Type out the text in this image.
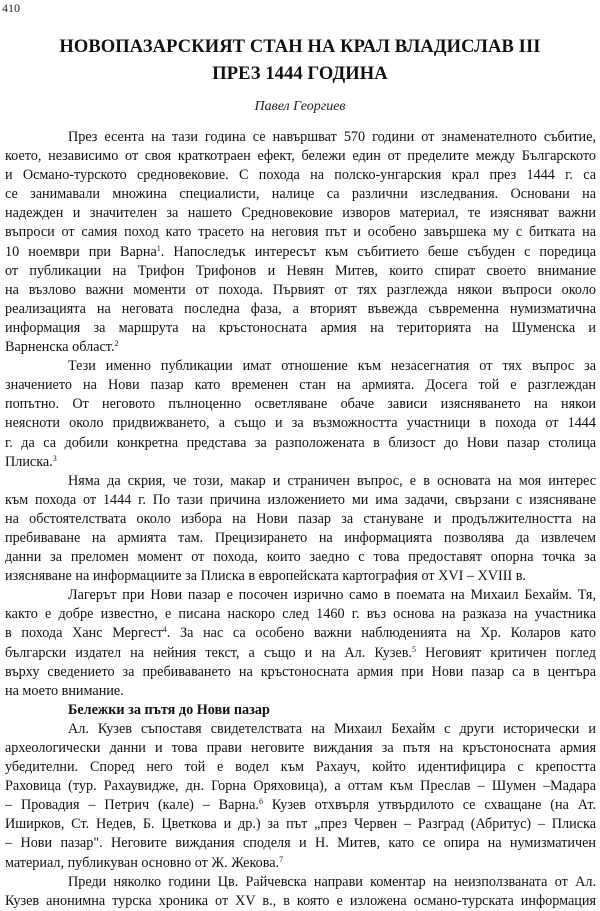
410
НОВОПАЗАРСКИЯТ СТАН НА КРАЛ ВЛАДИСЛАВ III
ПРЕЗ 1444 ГОДИНА
Павел Георгиев
През есента на тази година се навършват 570 години от знаменателното събитие,
което, независимо от своя краткотраен ефект, бележи един от пределите между Българското
и Османо-турското средновековие. С похода на полско-унгарския крал през 1444 г. са
се занимавали множина специалисти, налице са различни изследвания. Основани на
надежден и значителен за нашето Средновековие изворов материал, те изясняват важни
въпроси от самия поход като трасето на неговия път и особено завършека му с битката на
10 ноември при Варна$^1$. Напоследък интересът към събитието беше събуден с поредица
от публикации на Трифон Трифонов и Невян Митев, които спират своето внимание
на възлово важни моменти от похода. Първият от тях разглежда някои въпроси около
реализацията на неговата последна фаза, а вторият въвежда съвременна нумизматична
информация за маршрута на кръстоносната армия на територията на Шуменска и
Варненска област.$^2$
Тези именно публикации имат отношение към незасегнатия от тях въпрос за
значението на Нови пазар като временен стан на армията. Досега той е разглеждан
попътно. От неговото пълноценно осветляване обаче зависи изясняването на някои
неясноти около придвижването, а също и за възможността участници в похода от 1444
г. да са добили конкретна представа за разположената в близост до Нови пазар столица
Плиска.$^3$
Няма да скрия, че този, макар и страничен въпрос, е в основата на моя интерес
към похода от 1444 г. По тази причина изложението ми има задачи, свързани с изясняване
на обстоятелствата около избора на Нови пазар за стануване и продължителността на
пребиваване на армията там. Прецизирането на информацията позволява да извлечем
данни за преломен момент от похода, които заедно с това предоставят опорна точка за
изясняване на информациите за Плиска в европейската картография от XVI – XVIII в.
Лагерът при Нови пазар е посочен изрично само в поемата на Михаил Бехайм. Тя,
както е добре известно, е писана наскоро след 1460 г. въз основа на разказа на участника
в похода Ханс Мергест$^4$. За нас са особено важни наблюденията на Хр. Коларов като
български издател на нейния текст, а също и на Ал. Кузев.$^5$ Неговият критичен поглед
върху сведението за пребиваването на кръстоносната армия при Нови пазар са в центъра
на моето внимание.
Бележки за пътя до Нови пазар
Ал. Кузев съпоставя свидетелствата на Михаил Бехайм с други исторически и
археологически данни и това прави неговите виждания за пътя на кръстоносната армия
убедителни. Според него той е водел към Рахауч, който идентифицира с крепостта
Раховица (тур. Рахаувидже, дн. Горна Оряховица), а оттам към Преслав – Шумен –Мадара
– Провадия – Петрич (кале) – Варна.$^6$ Кузев отхвърля утвърдилото се схващане (на Ат.
Иширков, Ст. Недев, Б. Цветкова и др.) за път „през Червен – Разград (Абритус) – Плиска
– Нови пазар". Неговите виждания споделя и Н. Митев, като се опира на нумизматичен
материал, публикуван основно от Ж. Жекова.$^7$
Преди няколко години Цв. Райчевска направи коментар на неизползваната от Ал.
Кузев анонимна турска хроника от XV в., в която е изложена османо-турската информация
